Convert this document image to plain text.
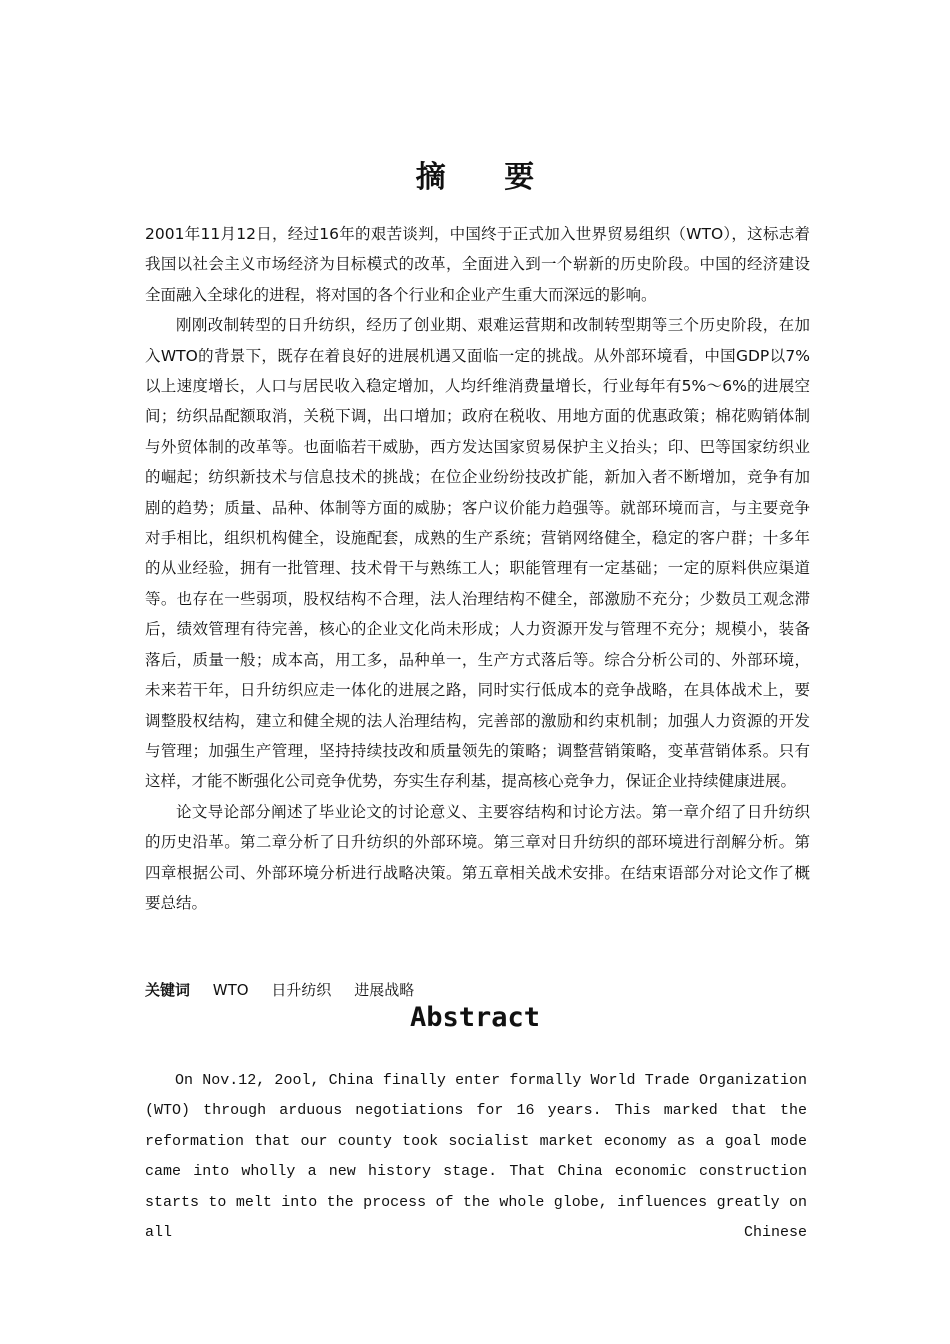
摘 要

2001年11月12日，经过16年的艰苦谈判，中国终于正式加入世界贸易组织（WTO），这标志着我国以社会主义市场经济为目标模式的改革，全面进入到一个崭新的历史阶段。中国的经济建设全面融入全球化的进程，将对国的各个行业和企业产生重大而深远的影响。

刚刚改制转型的日升纺织，经历了创业期、艰难运营期和改制转型期等三个历史阶段，在加入WTO的背景下，既存在着良好的进展机遇又面临一定的挑战。从外部环境看，中国GDP以7%以上速度增长，人口与居民收入稳定增加，人均纤维消费量增长，行业每年有5%～6%的进展空间；纺织品配额取消，关税下调，出口增加；政府在税收、用地方面的优惠政策；棉花购销体制与外贸体制的改革等。也面临若干威胁，西方发达国家贸易保护主义抬头；印、巴等国家纺织业的崛起；纺织新技术与信息技术的挑战；在位企业纷纷技改扩能，新加入者不断增加，竞争有加剧的趋势；质量、品种、体制等方面的威胁；客户议价能力趋强等。就部环境而言，与主要竞争对手相比，组织机构健全，设施配套，成熟的生产系统；营销网络健全，稳定的客户群；十多年的从业经验，拥有一批管理、技术骨干与熟练工人；职能管理有一定基础；一定的原料供应渠道等。也存在一些弱项，股权结构不合理，法人治理结构不健全，部激励不充分；少数员工观念滞后，绩效管理有待完善，核心的企业文化尚未形成；人力资源开发与管理不充分；规模小，装备落后，质量一般；成本高，用工多，品种单一，生产方式落后等。综合分析公司的、外部环境，未来若干年，日升纺织应走一体化的进展之路，同时实行低成本的竞争战略，在具体战术上，要调整股权结构，建立和健全规的法人治理结构，完善部的激励和约束机制；加强人力资源的开发与管理；加强生产管理，坚持持续技改和质量领先的策略；调整营销策略，变革营销体系。只有这样，才能不断强化公司竞争优势，夯实生存利基，提高核心竞争力，保证企业持续健康进展。

论文导论部分阐述了毕业论文的讨论意义、主要容结构和讨论方法。第一章介绍了日升纺织的历史沿革。第二章分析了日升纺织的外部环境。第三章对日升纺织的部环境进行剖解分析。第四章根据公司、外部环境分析进行战略决策。第五章相关战术安排。在结束语部分对论文作了概要总结。

关键词 WTO 日升纺织 进展战略
Abstract

On Nov.12, 2ool, China finally enter formally World Trade Organization (WTO) through arduous negotiations for 16 years. This marked that the reformation that our county took socialist market economy as a goal mode came into wholly a new history stage. That China economic construction starts to melt into the process of the whole globe, influences greatly on all Chinese
